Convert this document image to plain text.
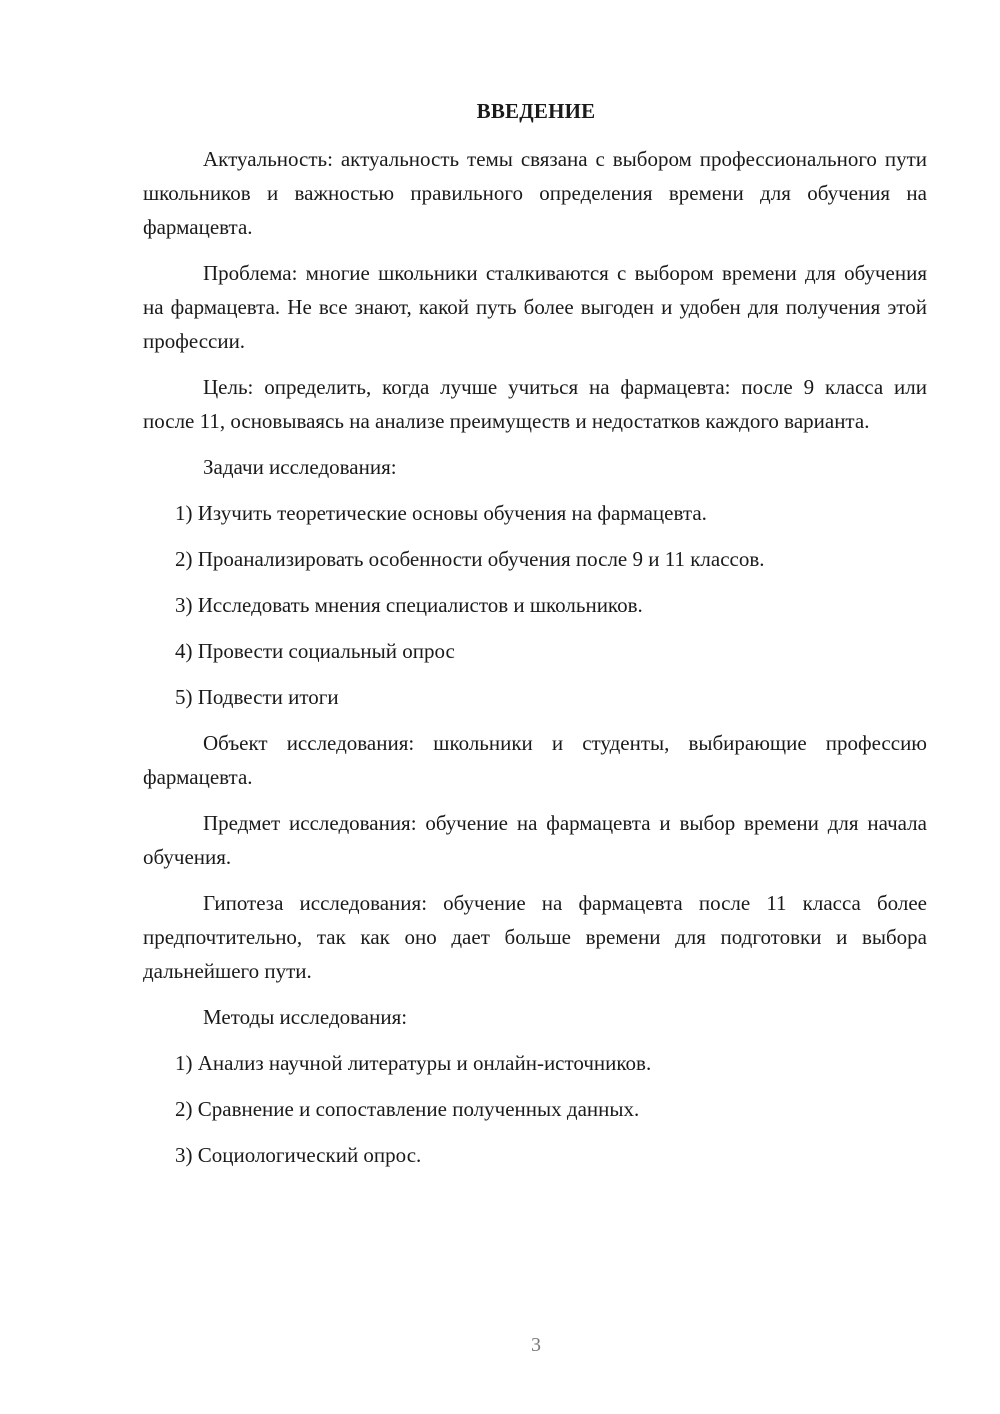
ВВЕДЕНИЕ

Актуальность: актуальность темы связана с выбором профессионального пути школьников и важностью правильного определения времени для обучения на фармацевта.

Проблема: многие школьники сталкиваются с выбором времени для обучения на фармацевта. Не все знают, какой путь более выгоден и удобен для получения этой профессии.

Цель: определить, когда лучше учиться на фармацевта: после 9 класса или после 11, основываясь на анализе преимуществ и недостатков каждого варианта.

Задачи исследования:

1) Изучить теоретические основы обучения на фармацевта.

2) Проанализировать особенности обучения после 9 и 11 классов.

3) Исследовать мнения специалистов и школьников.

4) Провести социальный опрос

5) Подвести итоги

Объект исследования: школьники и студенты, выбирающие профессию фармацевта.

Предмет исследования: обучение на фармацевта и выбор времени для начала обучения.

Гипотеза исследования: обучение на фармацевта после 11 класса более предпочтительно, так как оно дает больше времени для подготовки и выбора дальнейшего пути.

Методы исследования:

1) Анализ научной литературы и онлайн-источников.

2) Сравнение и сопоставление полученных данных.

3) Социологический опрос.

3
